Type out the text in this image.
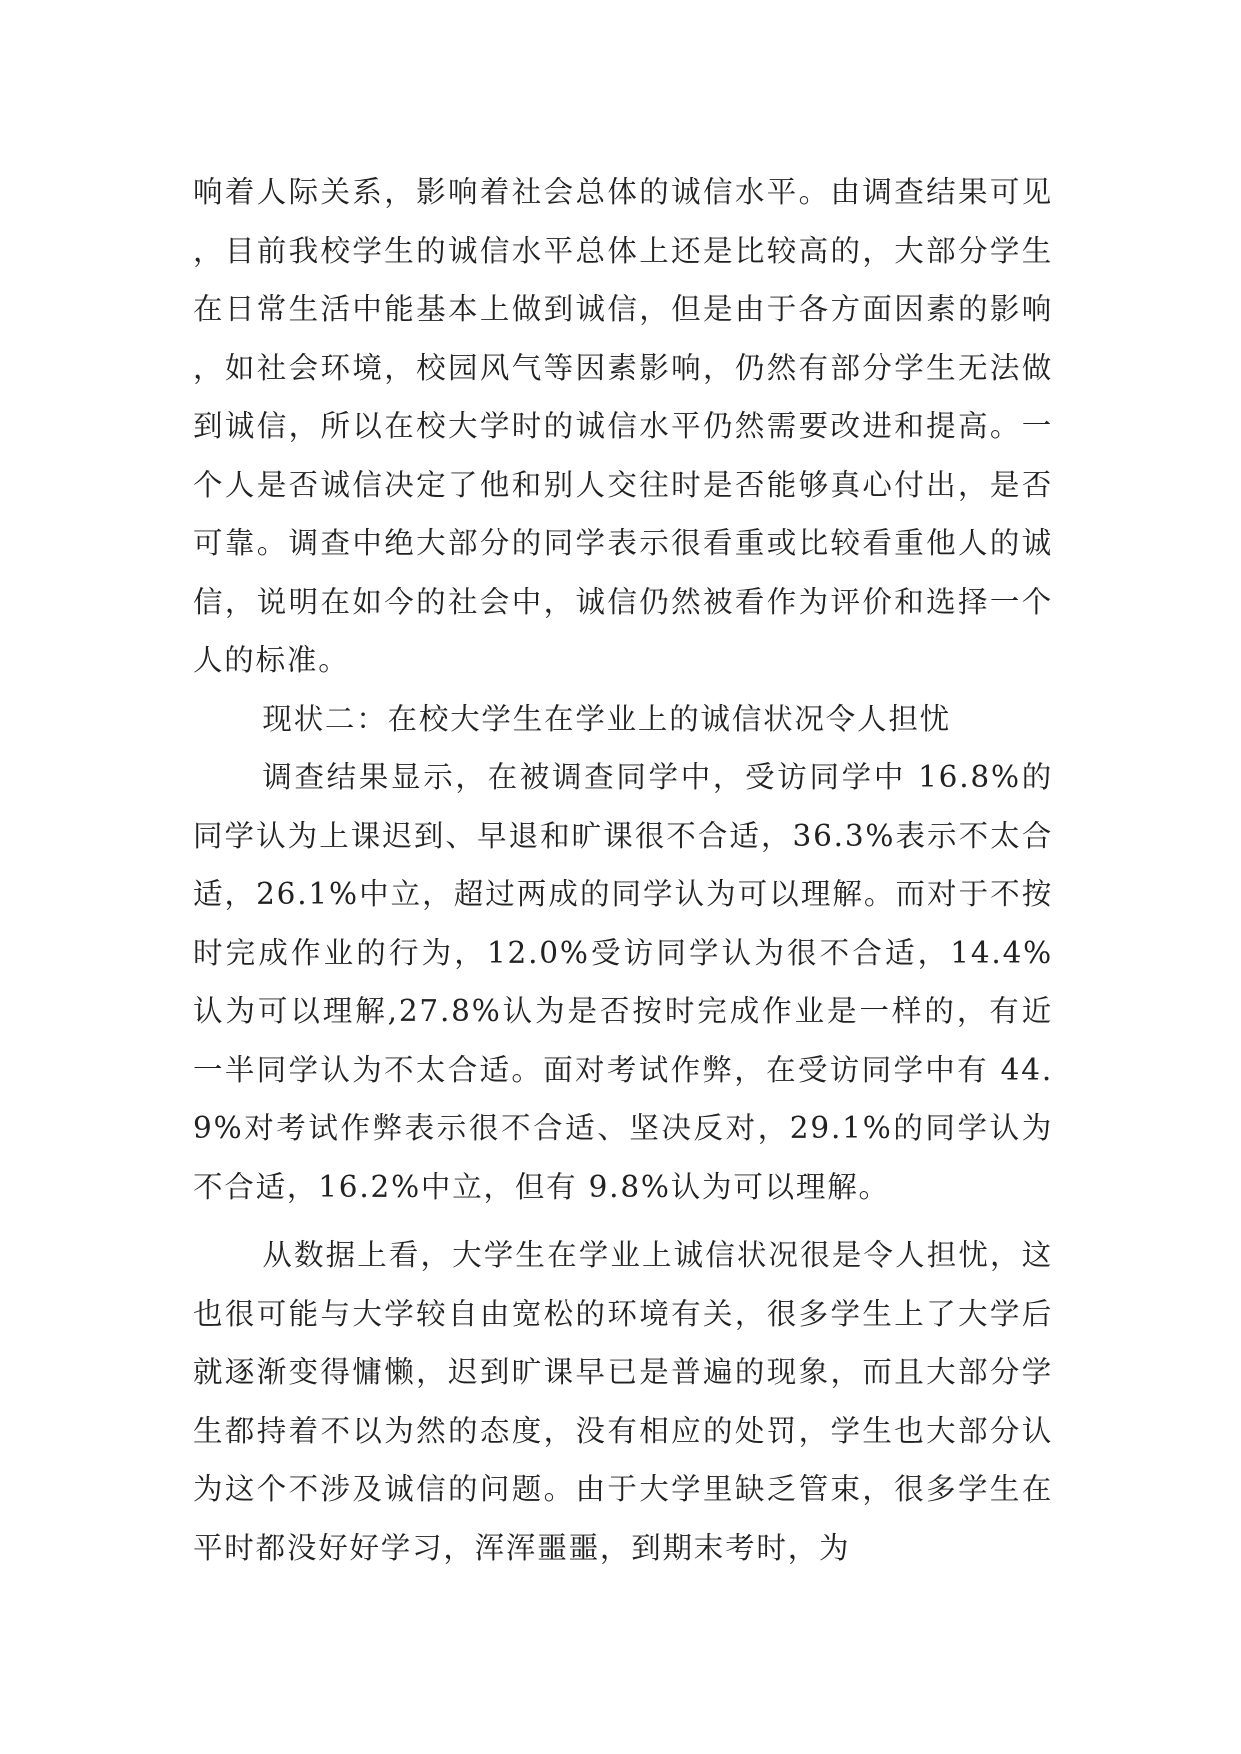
响着人际关系，影响着社会总体的诚信水平。由调查结果可见，目前我校学生的诚信水平总体上还是比较高的，大部分学生在日常生活中能基本上做到诚信，但是由于各方面因素的影响，如社会环境，校园风气等因素影响，仍然有部分学生无法做到诚信，所以在校大学时的诚信水平仍然需要改进和提高。一个人是否诚信决定了他和别人交往时是否能够真心付出，是否可靠。调查中绝大部分的同学表示很看重或比较看重他人的诚信，说明在如今的社会中，诚信仍然被看作为评价和选择一个人的标准。

现状二：在校大学生在学业上的诚信状况令人担忧

调查结果显示，在被调查同学中，受访同学中 16.8%的同学认为上课迟到、早退和旷课很不合适，36.3%表示不太合适，26.1%中立，超过两成的同学认为可以理解。而对于不按时完成作业的行为，12.0%受访同学认为很不合适，14.4%认为可以理解,27.8%认为是否按时完成作业是一样的，有近一半同学认为不太合适。面对考试作弊，在受访同学中有 44.9%对考试作弊表示很不合适、坚决反对，29.1%的同学认为不合适，16.2%中立，但有 9.8%认为可以理解。

从数据上看，大学生在学业上诚信状况很是令人担忧，这也很可能与大学较自由宽松的环境有关，很多学生上了大学后就逐渐变得慵懒，迟到旷课早已是普遍的现象，而且大部分学生都持着不以为然的态度，没有相应的处罚，学生也大部分认为这个不涉及诚信的问题。由于大学里缺乏管束，很多学生在平时都没好好学习，浑浑噩噩，到期末考时，为
